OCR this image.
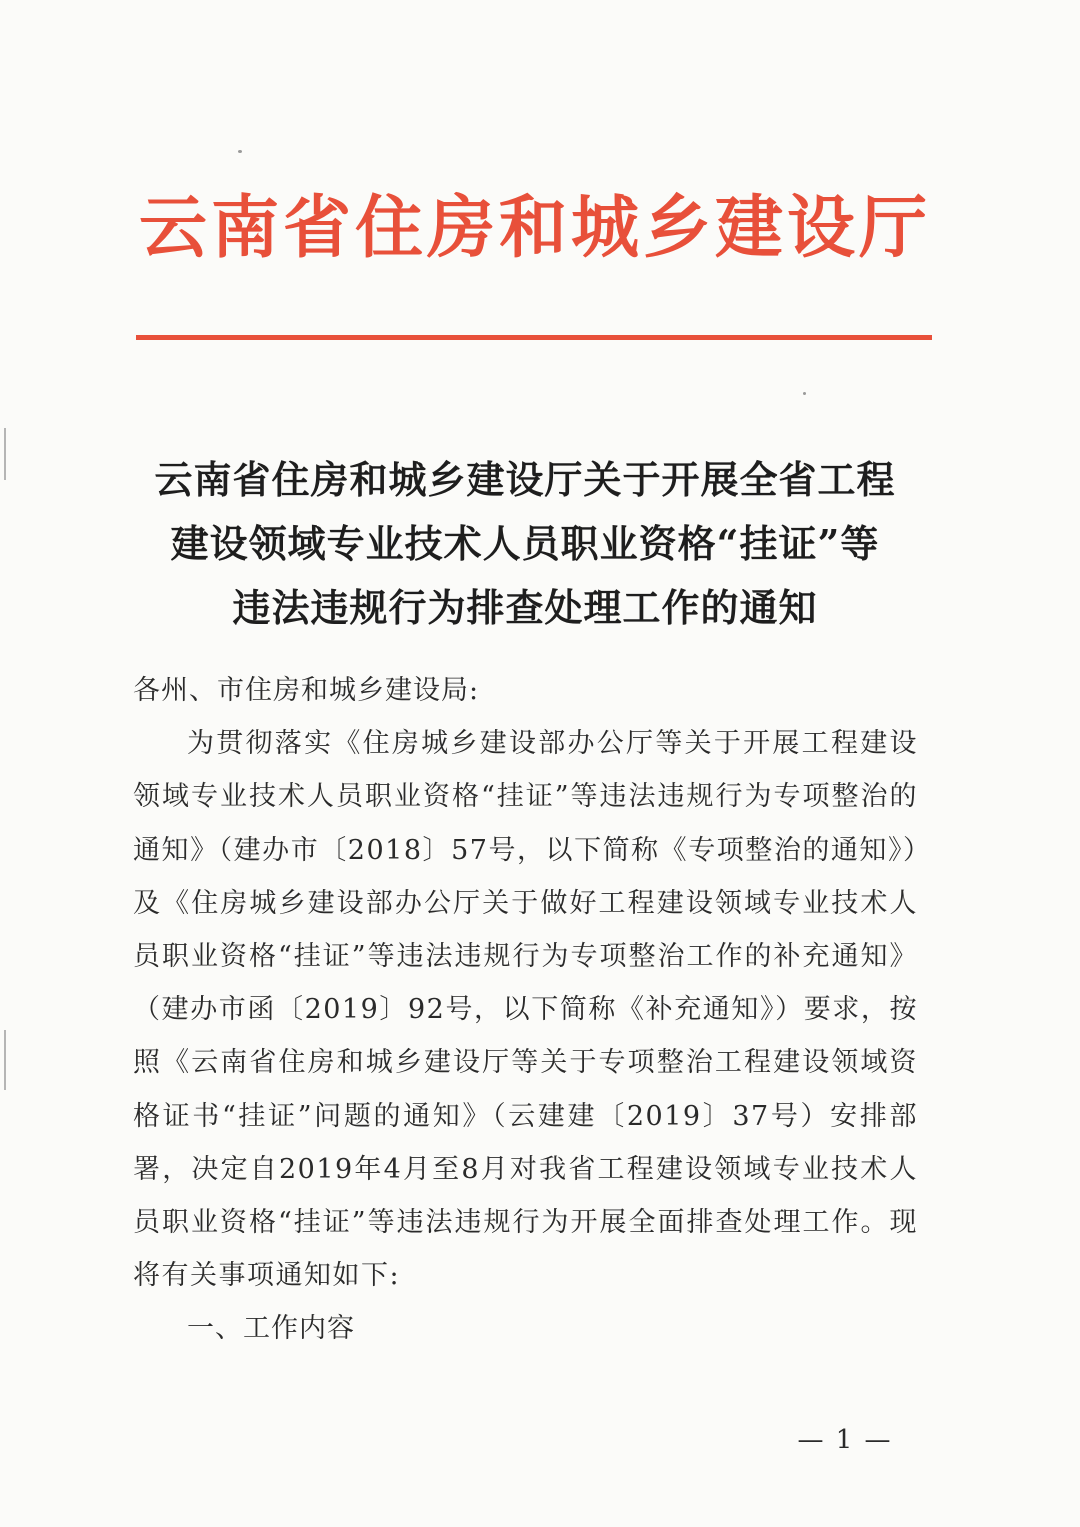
云南省住房和城乡建设厅
云南省住房和城乡建设厅关于开展全省工程
建设领域专业技术人员职业资格“挂证”等
违法违规行为排查处理工作的通知

各州、市住房和城乡建设局:

为贯彻落实《住房城乡建设部办公厅等关于开展工程建设领域专业技术人员职业资格“挂证”等违法违规行为专项整治的通知》（建办市〔2018〕57号，以下简称《专项整治的通知》）及《住房城乡建设部办公厅关于做好工程建设领域专业技术人员职业资格“挂证”等违法违规行为专项整治工作的补充通知》（建办市函〔2019〕92号，以下简称《补充通知》）要求，按照《云南省住房和城乡建设厅等关于专项整治工程建设领域资格证书“挂证”问题的通知》（云建建〔2019〕37号）安排部署，决定自2019年4月至8月对我省工程建设领域专业技术人员职业资格“挂证”等违法违规行为开展全面排查处理工作。现将有关事项通知如下:

一、工作内容

— 1 —
